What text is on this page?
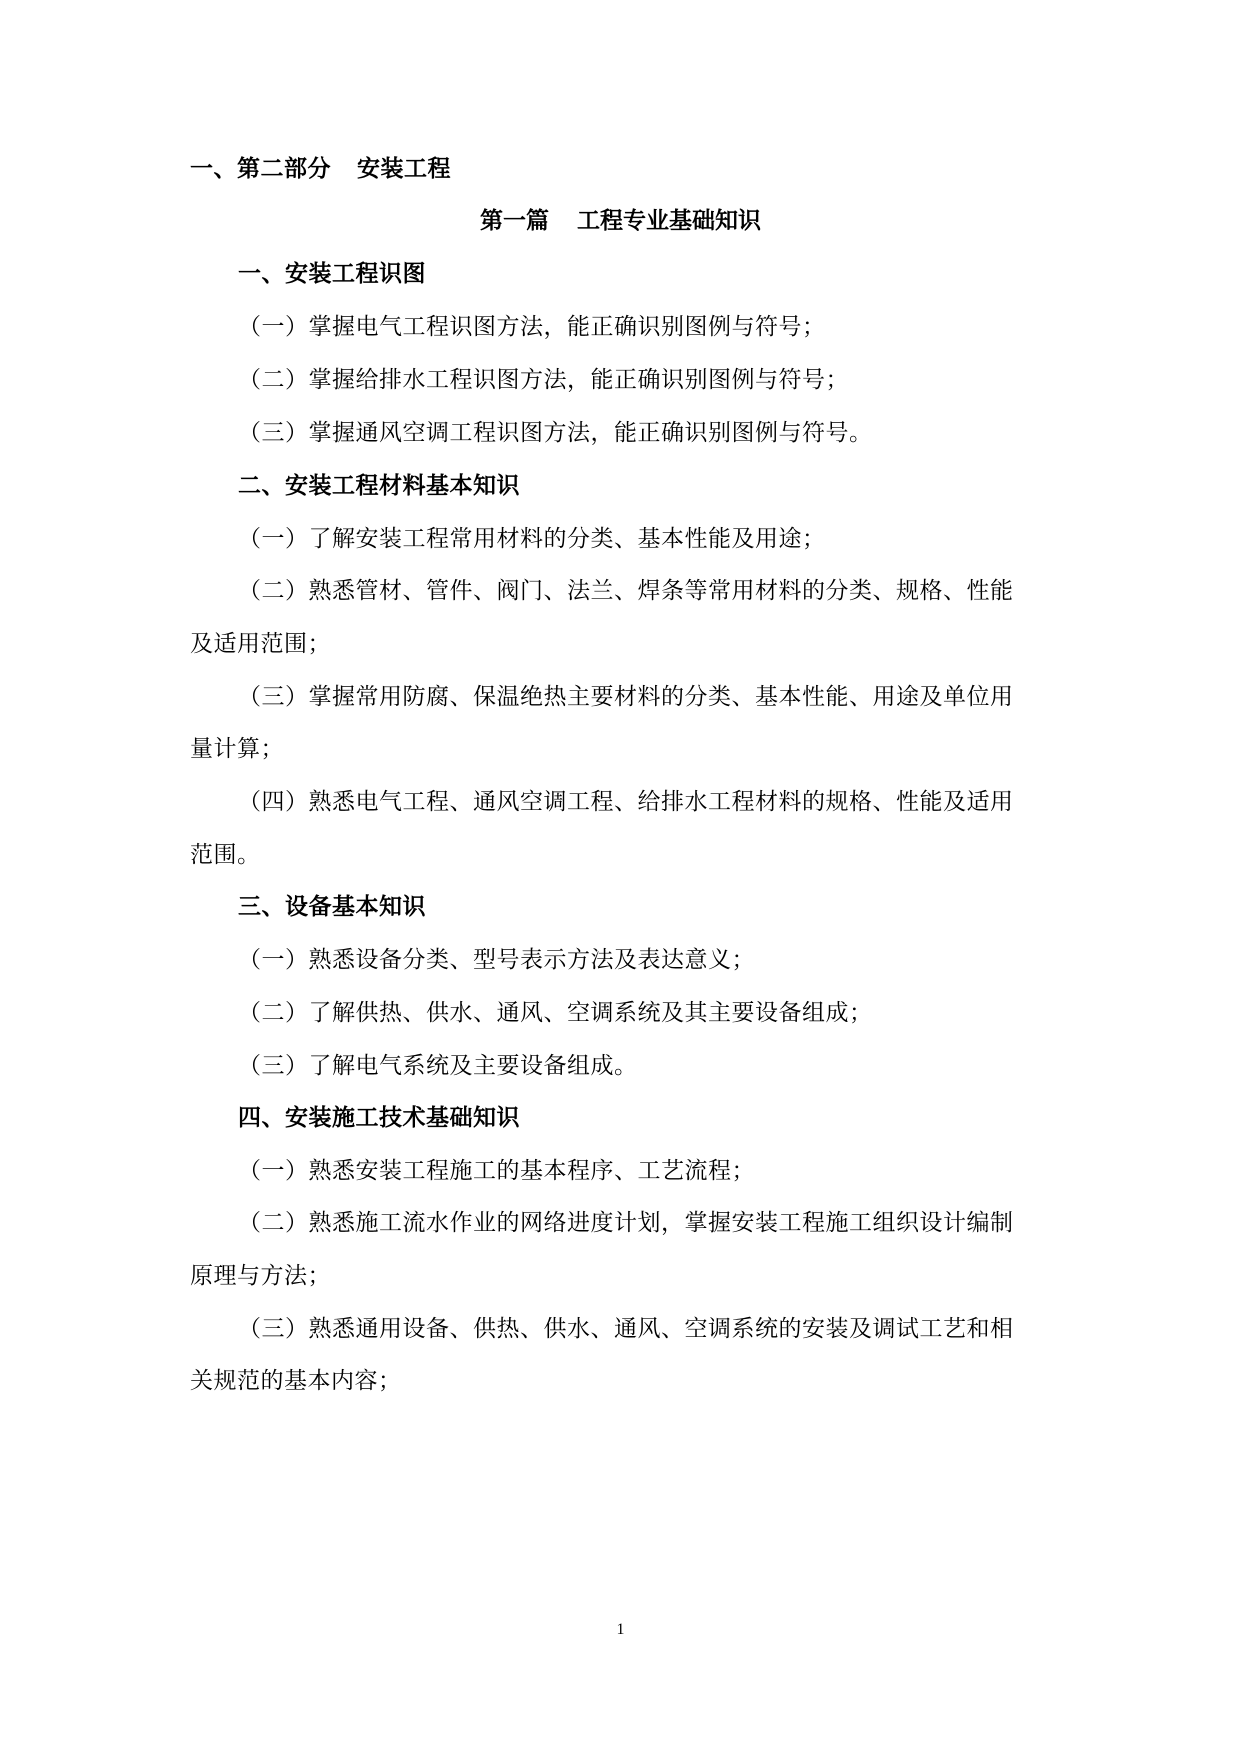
一、第二部分 安装工程
第一篇 工程专业基础知识
一、安装工程识图
（一）掌握电气工程识图方法，能正确识别图例与符号；
（二）掌握给排水工程识图方法，能正确识别图例与符号；
（三）掌握通风空调工程识图方法，能正确识别图例与符号。
二、安装工程材料基本知识
（一）了解安装工程常用材料的分类、基本性能及用途；
（二）熟悉管材、管件、阀门、法兰、焊条等常用材料的分类、规格、性能
及适用范围；
（三）掌握常用防腐、保温绝热主要材料的分类、基本性能、用途及单位用
量计算；
（四）熟悉电气工程、通风空调工程、给排水工程材料的规格、性能及适用
范围。
三、设备基本知识
（一）熟悉设备分类、型号表示方法及表达意义；
（二）了解供热、供水、通风、空调系统及其主要设备组成；
（三）了解电气系统及主要设备组成。
四、安装施工技术基础知识
（一）熟悉安装工程施工的基本程序、工艺流程；
（二）熟悉施工流水作业的网络进度计划，掌握安装工程施工组织设计编制
原理与方法；
（三）熟悉通用设备、供热、供水、通风、空调系统的安装及调试工艺和相
关规范的基本内容；
1
